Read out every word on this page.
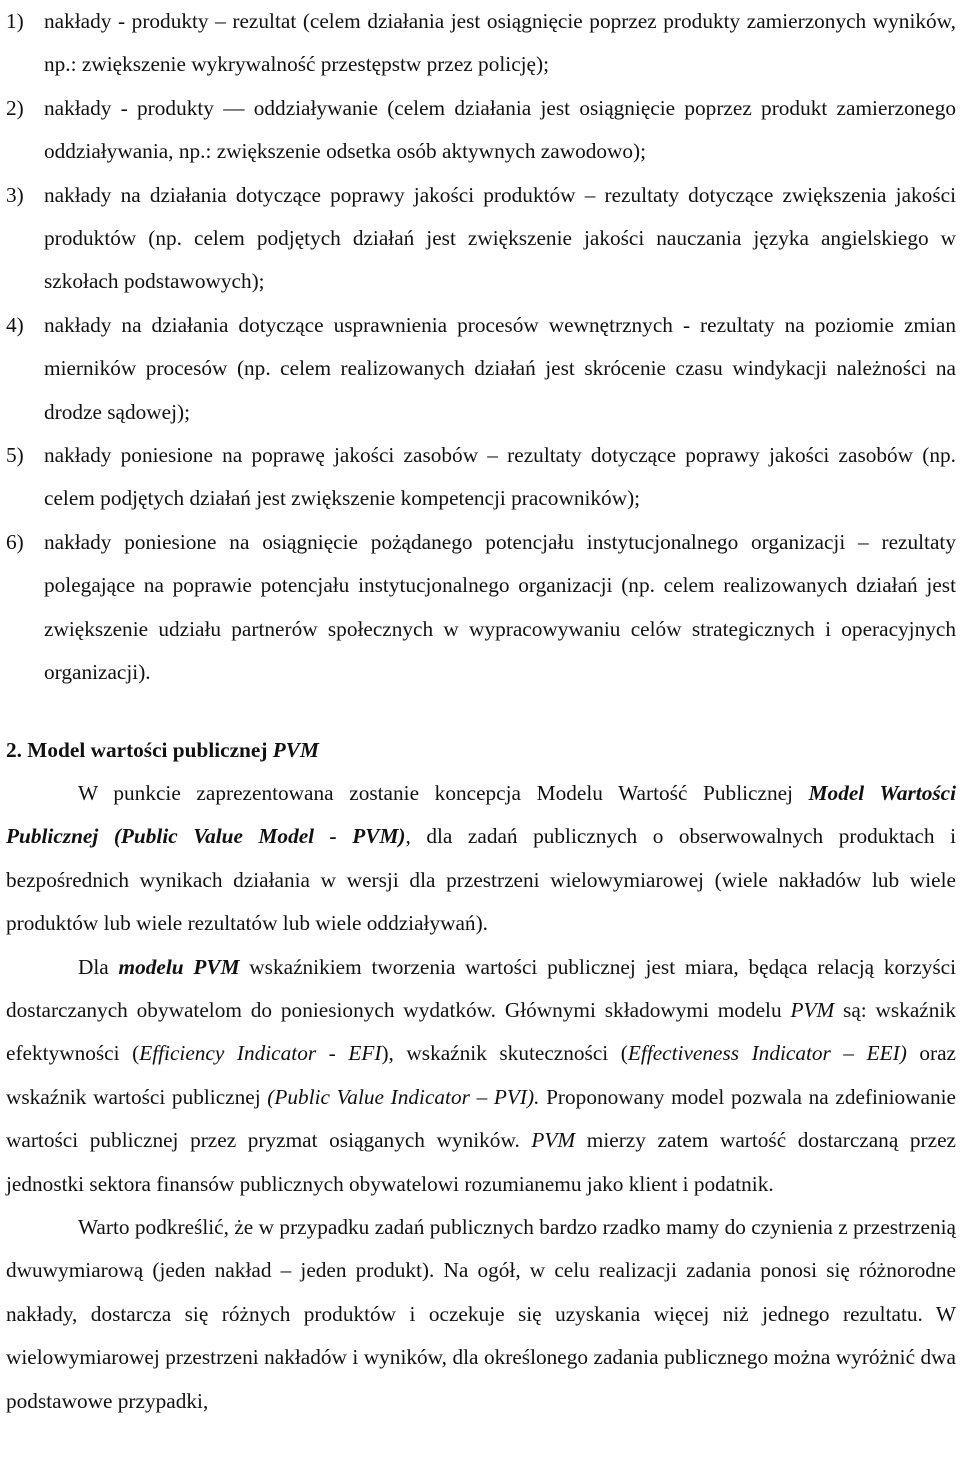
1) nakłady - produkty – rezultat (celem działania jest osiągnięcie poprzez produkty zamierzonych wyników, np.: zwiększenie wykrywalność przestępstw przez policję);
2) nakłady - produkty –– oddziaływanie (celem działania jest osiągnięcie poprzez produkt zamierzonego oddziaływania, np.: zwiększenie odsetka osób aktywnych zawodowo);
3) nakłady na działania dotyczące poprawy jakości produktów – rezultaty dotyczące zwiększenia jakości produktów (np. celem podjętych działań jest zwiększenie jakości nauczania języka angielskiego w szkołach podstawowych);
4) nakłady na działania dotyczące usprawnienia procesów wewnętrznych - rezultaty na poziomie zmian mierników procesów (np. celem realizowanych działań jest skrócenie czasu windykacji należności na drodze sądowej);
5) nakłady poniesione na poprawę jakości zasobów – rezultaty dotyczące poprawy jakości zasobów (np. celem podjętych działań jest zwiększenie kompetencji pracowników);
6) nakłady poniesione na osiągnięcie pożądanego potencjału instytucjonalnego organizacji – rezultaty polegające na poprawie potencjału instytucjonalnego organizacji (np. celem realizowanych działań jest zwiększenie udziału partnerów społecznych w wypracowywaniu celów strategicznych i operacyjnych organizacji).
2. Model wartości publicznej PVM

W punkcie zaprezentowana zostanie koncepcja Modelu Wartość Publicznej Model Wartości Publicznej (Public Value Model - PVM), dla zadań publicznych o obserwowalnych produktach i bezpośrednich wynikach działania w wersji dla przestrzeni wielowymiarowej (wiele nakładów lub wiele produktów lub wiele rezultatów lub wiele oddziaływań).

Dla modelu PVM wskaźnikiem tworzenia wartości publicznej jest miara, będąca relacją korzyści dostarczanych obywatelom do poniesionych wydatków. Głównymi składowymi modelu PVM są: wskaźnik efektywności (Efficiency Indicator - EFI), wskaźnik skuteczności (Effectiveness Indicator – EEI) oraz wskaźnik wartości publicznej (Public Value Indicator – PVI). Proponowany model pozwala na zdefiniowanie wartości publicznej przez pryzmat osiąganych wyników. PVM mierzy zatem wartość dostarczaną przez jednostki sektora finansów publicznych obywatelowi rozumianemu jako klient i podatnik.

Warto podkreślić, że w przypadku zadań publicznych bardzo rzadko mamy do czynienia z przestrzenią dwuwymiarową (jeden nakład – jeden produkt). Na ogół, w celu realizacji zadania ponosi się różnorodne nakłady, dostarcza się różnych produktów i oczekuje się uzyskania więcej niż jednego rezultatu. W wielowymiarowej przestrzeni nakładów i wyników, dla określonego zadania publicznego można wyróżnić dwa podstawowe przypadki,
